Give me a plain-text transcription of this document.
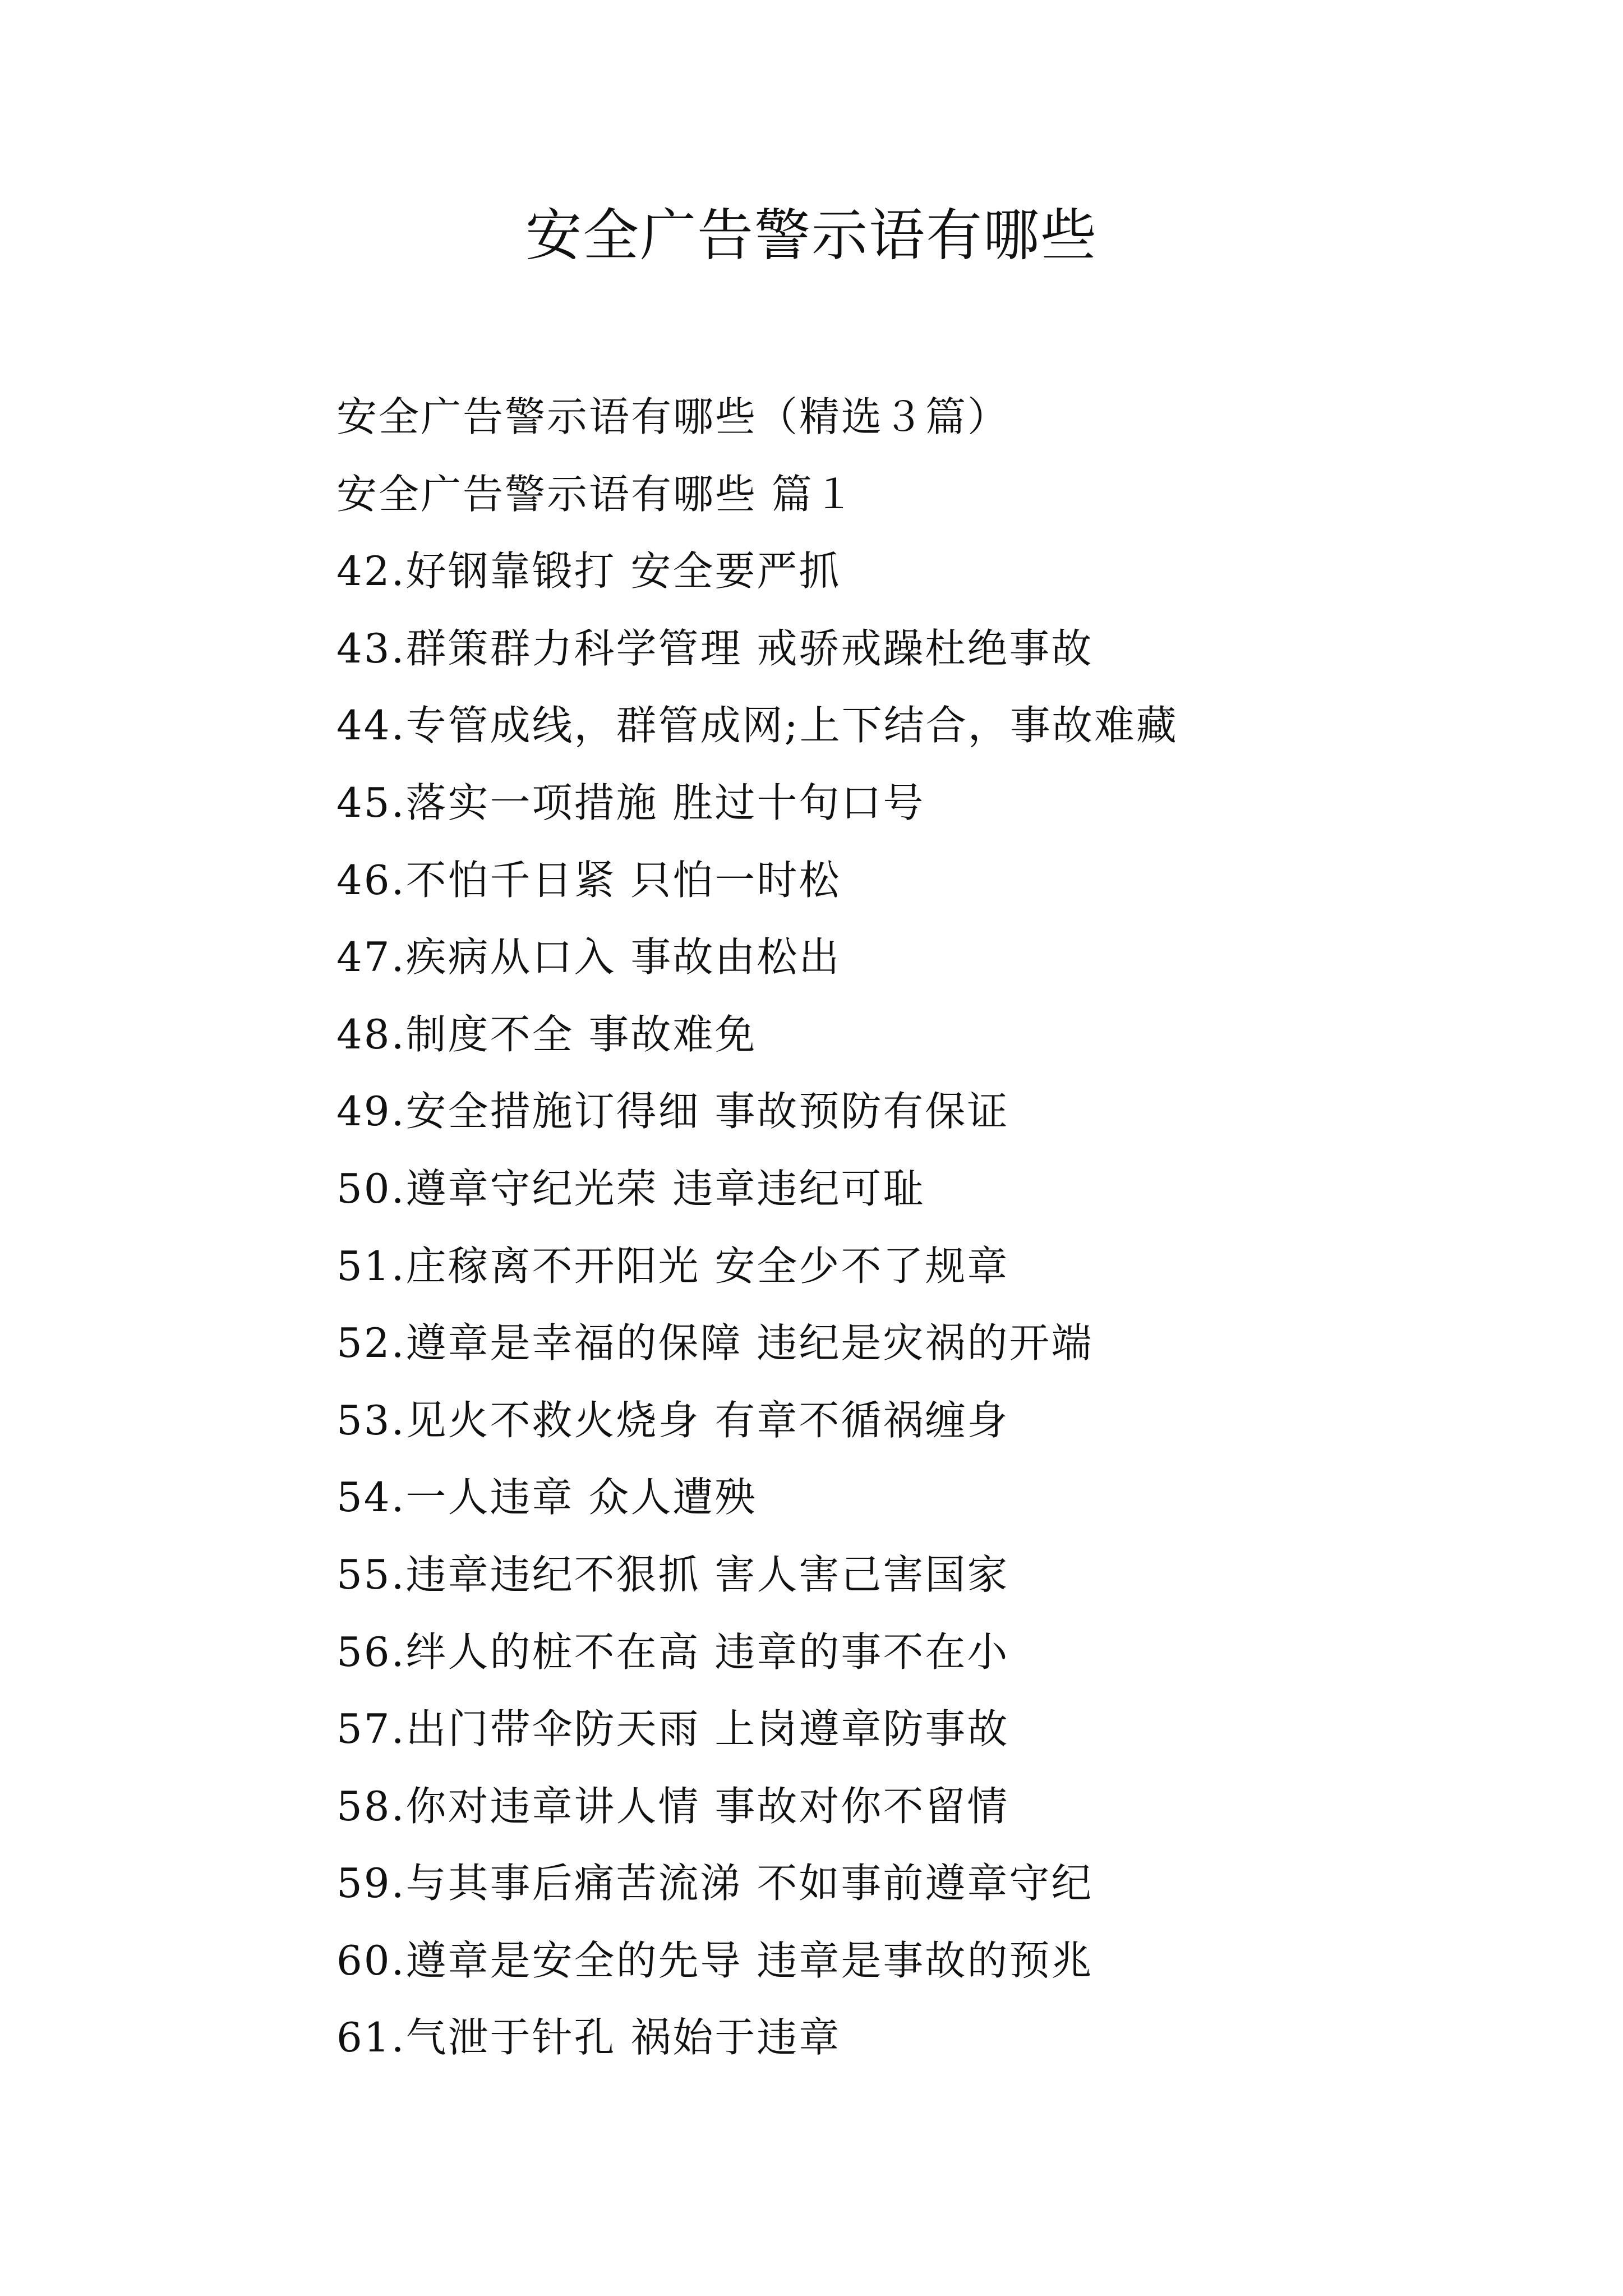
安全广告警示语有哪些
安全广告警示语有哪些（精选３篇）
安全广告警示语有哪些 篇１
42.好钢靠锻打 安全要严抓
43.群策群力科学管理 戒骄戒躁杜绝事故
44.专管成线，群管成网;上下结合，事故难藏
45.落实一项措施 胜过十句口号
46.不怕千日紧 只怕一时松
47.疾病从口入 事故由松出
48.制度不全 事故难免
49.安全措施订得细 事故预防有保证
50.遵章守纪光荣 违章违纪可耻
51.庄稼离不开阳光 安全少不了规章
52.遵章是幸福的保障 违纪是灾祸的开端
53.见火不救火烧身 有章不循祸缠身
54.一人违章 众人遭殃
55.违章违纪不狠抓 害人害己害国家
56.绊人的桩不在高 违章的事不在小
57.出门带伞防天雨 上岗遵章防事故
58.你对违章讲人情 事故对你不留情
59.与其事后痛苦流涕 不如事前遵章守纪
60.遵章是安全的先导 违章是事故的预兆
61.气泄于针孔 祸始于违章
